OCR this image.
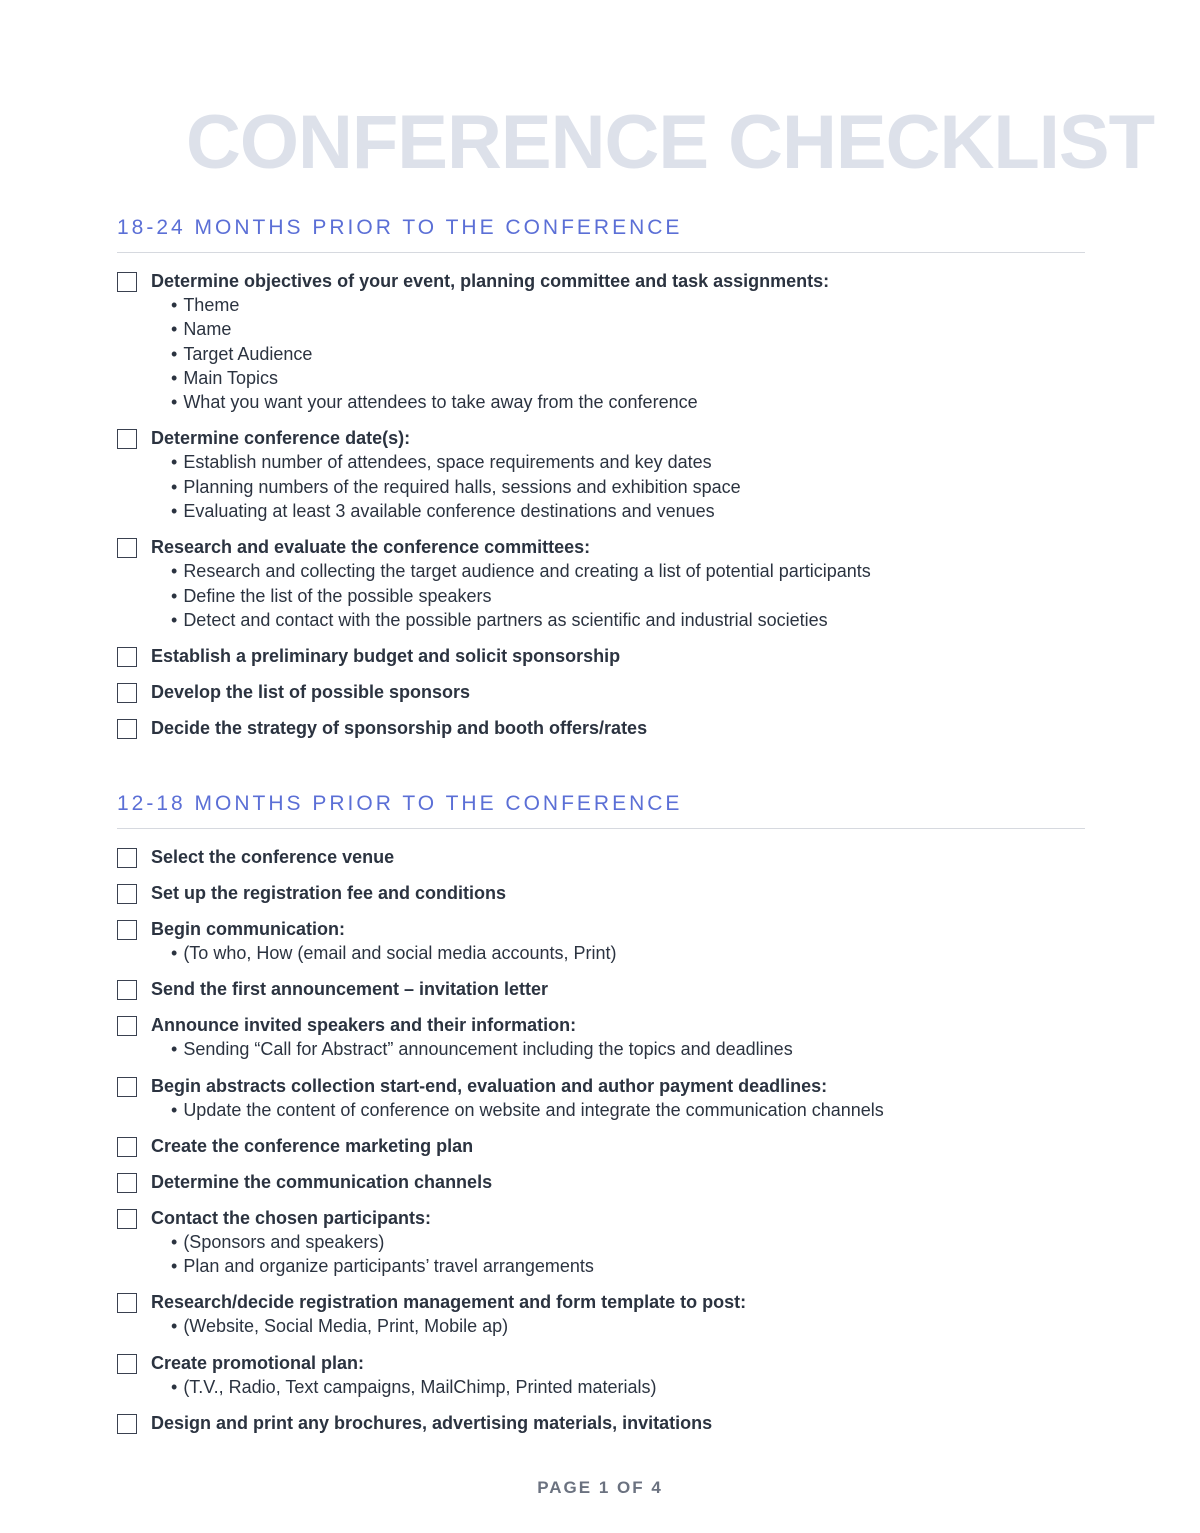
CONFERENCE CHECKLIST
18-24 MONTHS PRIOR TO THE CONFERENCE
Determine objectives of your event, planning committee and task assignments:
• Theme
• Name
• Target Audience
• Main Topics
• What you want your attendees to take away from the conference
Determine conference date(s):
• Establish number of attendees, space requirements and key dates
• Planning numbers of the required halls, sessions and exhibition space
• Evaluating at least 3 available conference destinations and venues
Research and evaluate the conference committees:
• Research and collecting the target audience and creating a list of potential participants
• Define the list of the possible speakers
• Detect and contact with the possible partners as scientific and industrial societies
Establish a preliminary budget and solicit sponsorship
Develop the list of possible sponsors
Decide the strategy of sponsorship and booth offers/rates
12-18 MONTHS PRIOR TO THE CONFERENCE
Select the conference venue
Set up the registration fee and conditions
Begin communication:
• (To who, How (email and social media accounts, Print)
Send the first announcement – invitation letter
Announce invited speakers and their information:
• Sending “Call for Abstract” announcement including the topics and deadlines
Begin abstracts collection start-end, evaluation and author payment deadlines:
• Update the content of conference on website and integrate the communication channels
Create the conference marketing plan
Determine the communication channels
Contact the chosen participants:
• (Sponsors and speakers)
• Plan and organize participants’ travel arrangements
Research/decide registration management and form template to post:
• (Website, Social Media, Print, Mobile ap)
Create promotional plan:
• (T.V., Radio, Text campaigns, MailChimp, Printed materials)
Design and print any brochures, advertising materials, invitations
PAGE 1 OF 4
